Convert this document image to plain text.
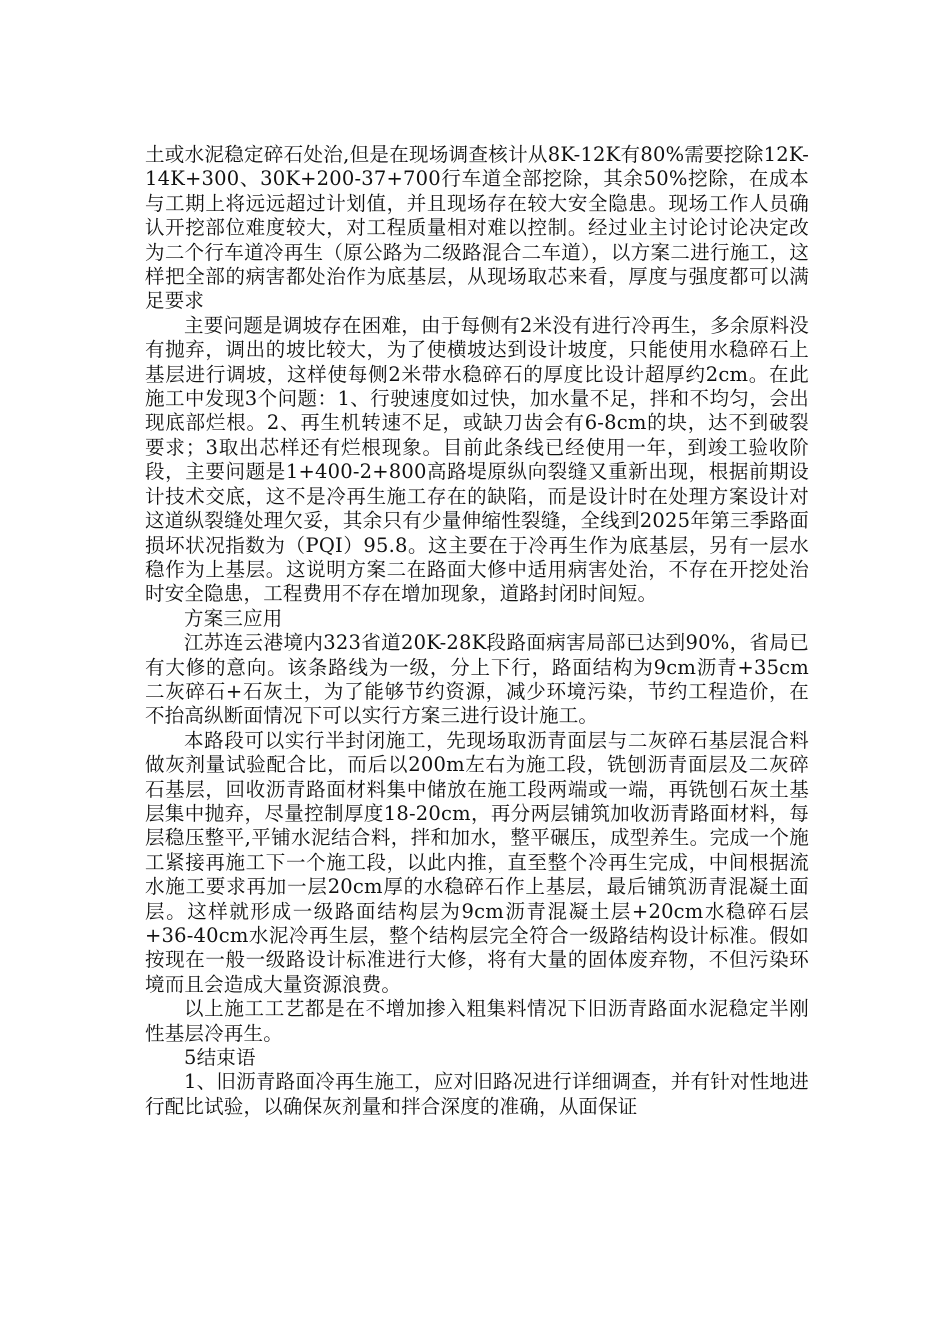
土或水泥稳定碎石处治,但是在现场调查核计从8K-12K有80%需要挖除12K-14K+300、30K+200-37+700行车道全部挖除，其余50%挖除，在成本与工期上将远远超过计划值，并且现场存在较大安全隐患。现场工作人员确认开挖部位难度较大，对工程质量相对难以控制。经过业主讨论讨论决定改为二个行车道冷再生（原公路为二级路混合二车道），以方案二进行施工，这样把全部的病害都处治作为底基层，从现场取芯来看，厚度与强度都可以满足要求

主要问题是调坡存在困难，由于每侧有2米没有进行冷再生，多余原料没有抛弃，调出的坡比较大，为了使横坡达到设计坡度，只能使用水稳碎石上基层进行调坡，这样使每侧2米带水稳碎石的厚度比设计超厚约2cm。在此施工中发现3个问题：1、行驶速度如过快，加水量不足，拌和不均匀，会出现底部烂根。2、再生机转速不足，或缺刀齿会有6-8cm的块，达不到破裂要求；3取出芯样还有烂根现象。目前此条线已经使用一年，到竣工验收阶段，主要问题是1+400-2+800高路堤原纵向裂缝又重新出现，根据前期设计技术交底，这不是冷再生施工存在的缺陷，而是设计时在处理方案设计对这道纵裂缝处理欠妥，其余只有少量伸缩性裂缝，全线到2025年第三季路面损坏状况指数为（PQI）95.8。这主要在于冷再生作为底基层，另有一层水稳作为上基层。这说明方案二在路面大修中适用病害处治，不存在开挖处治时安全隐患，工程费用不存在增加现象，道路封闭时间短。

方案三应用

江苏连云港境内323省道20K-28K段路面病害局部已达到90%，省局已有大修的意向。该条路线为一级，分上下行，路面结构为9cm沥青+35cm二灰碎石+石灰土，为了能够节约资源，减少环境污染，节约工程造价，在不抬高纵断面情况下可以实行方案三进行设计施工。

本路段可以实行半封闭施工，先现场取沥青面层与二灰碎石基层混合料做灰剂量试验配合比，而后以200m左右为施工段，铣刨沥青面层及二灰碎石基层，回收沥青路面材料集中储放在施工段两端或一端，再铣刨石灰土基层集中抛弃，尽量控制厚度18-20cm，再分两层铺筑加收沥青路面材料，每层稳压整平,平铺水泥结合料，拌和加水，整平碾压，成型养生。完成一个施工紧接再施工下一个施工段，以此内推，直至整个冷再生完成，中间根据流水施工要求再加一层20cm厚的水稳碎石作上基层，最后铺筑沥青混凝土面层。这样就形成一级路面结构层为9cm沥青混凝土层+20cm水稳碎石层+36-40cm水泥冷再生层，整个结构层完全符合一级路结构设计标准。假如按现在一般一级路设计标准进行大修，将有大量的固体废弃物，不但污染环境而且会造成大量资源浪费。

以上施工工艺都是在不增加掺入粗集料情况下旧沥青路面水泥稳定半刚性基层冷再生。

5结束语

1、旧沥青路面冷再生施工，应对旧路况进行详细调查，并有针对性地进行配比试验，以确保灰剂量和拌合深度的准确，从面保证
